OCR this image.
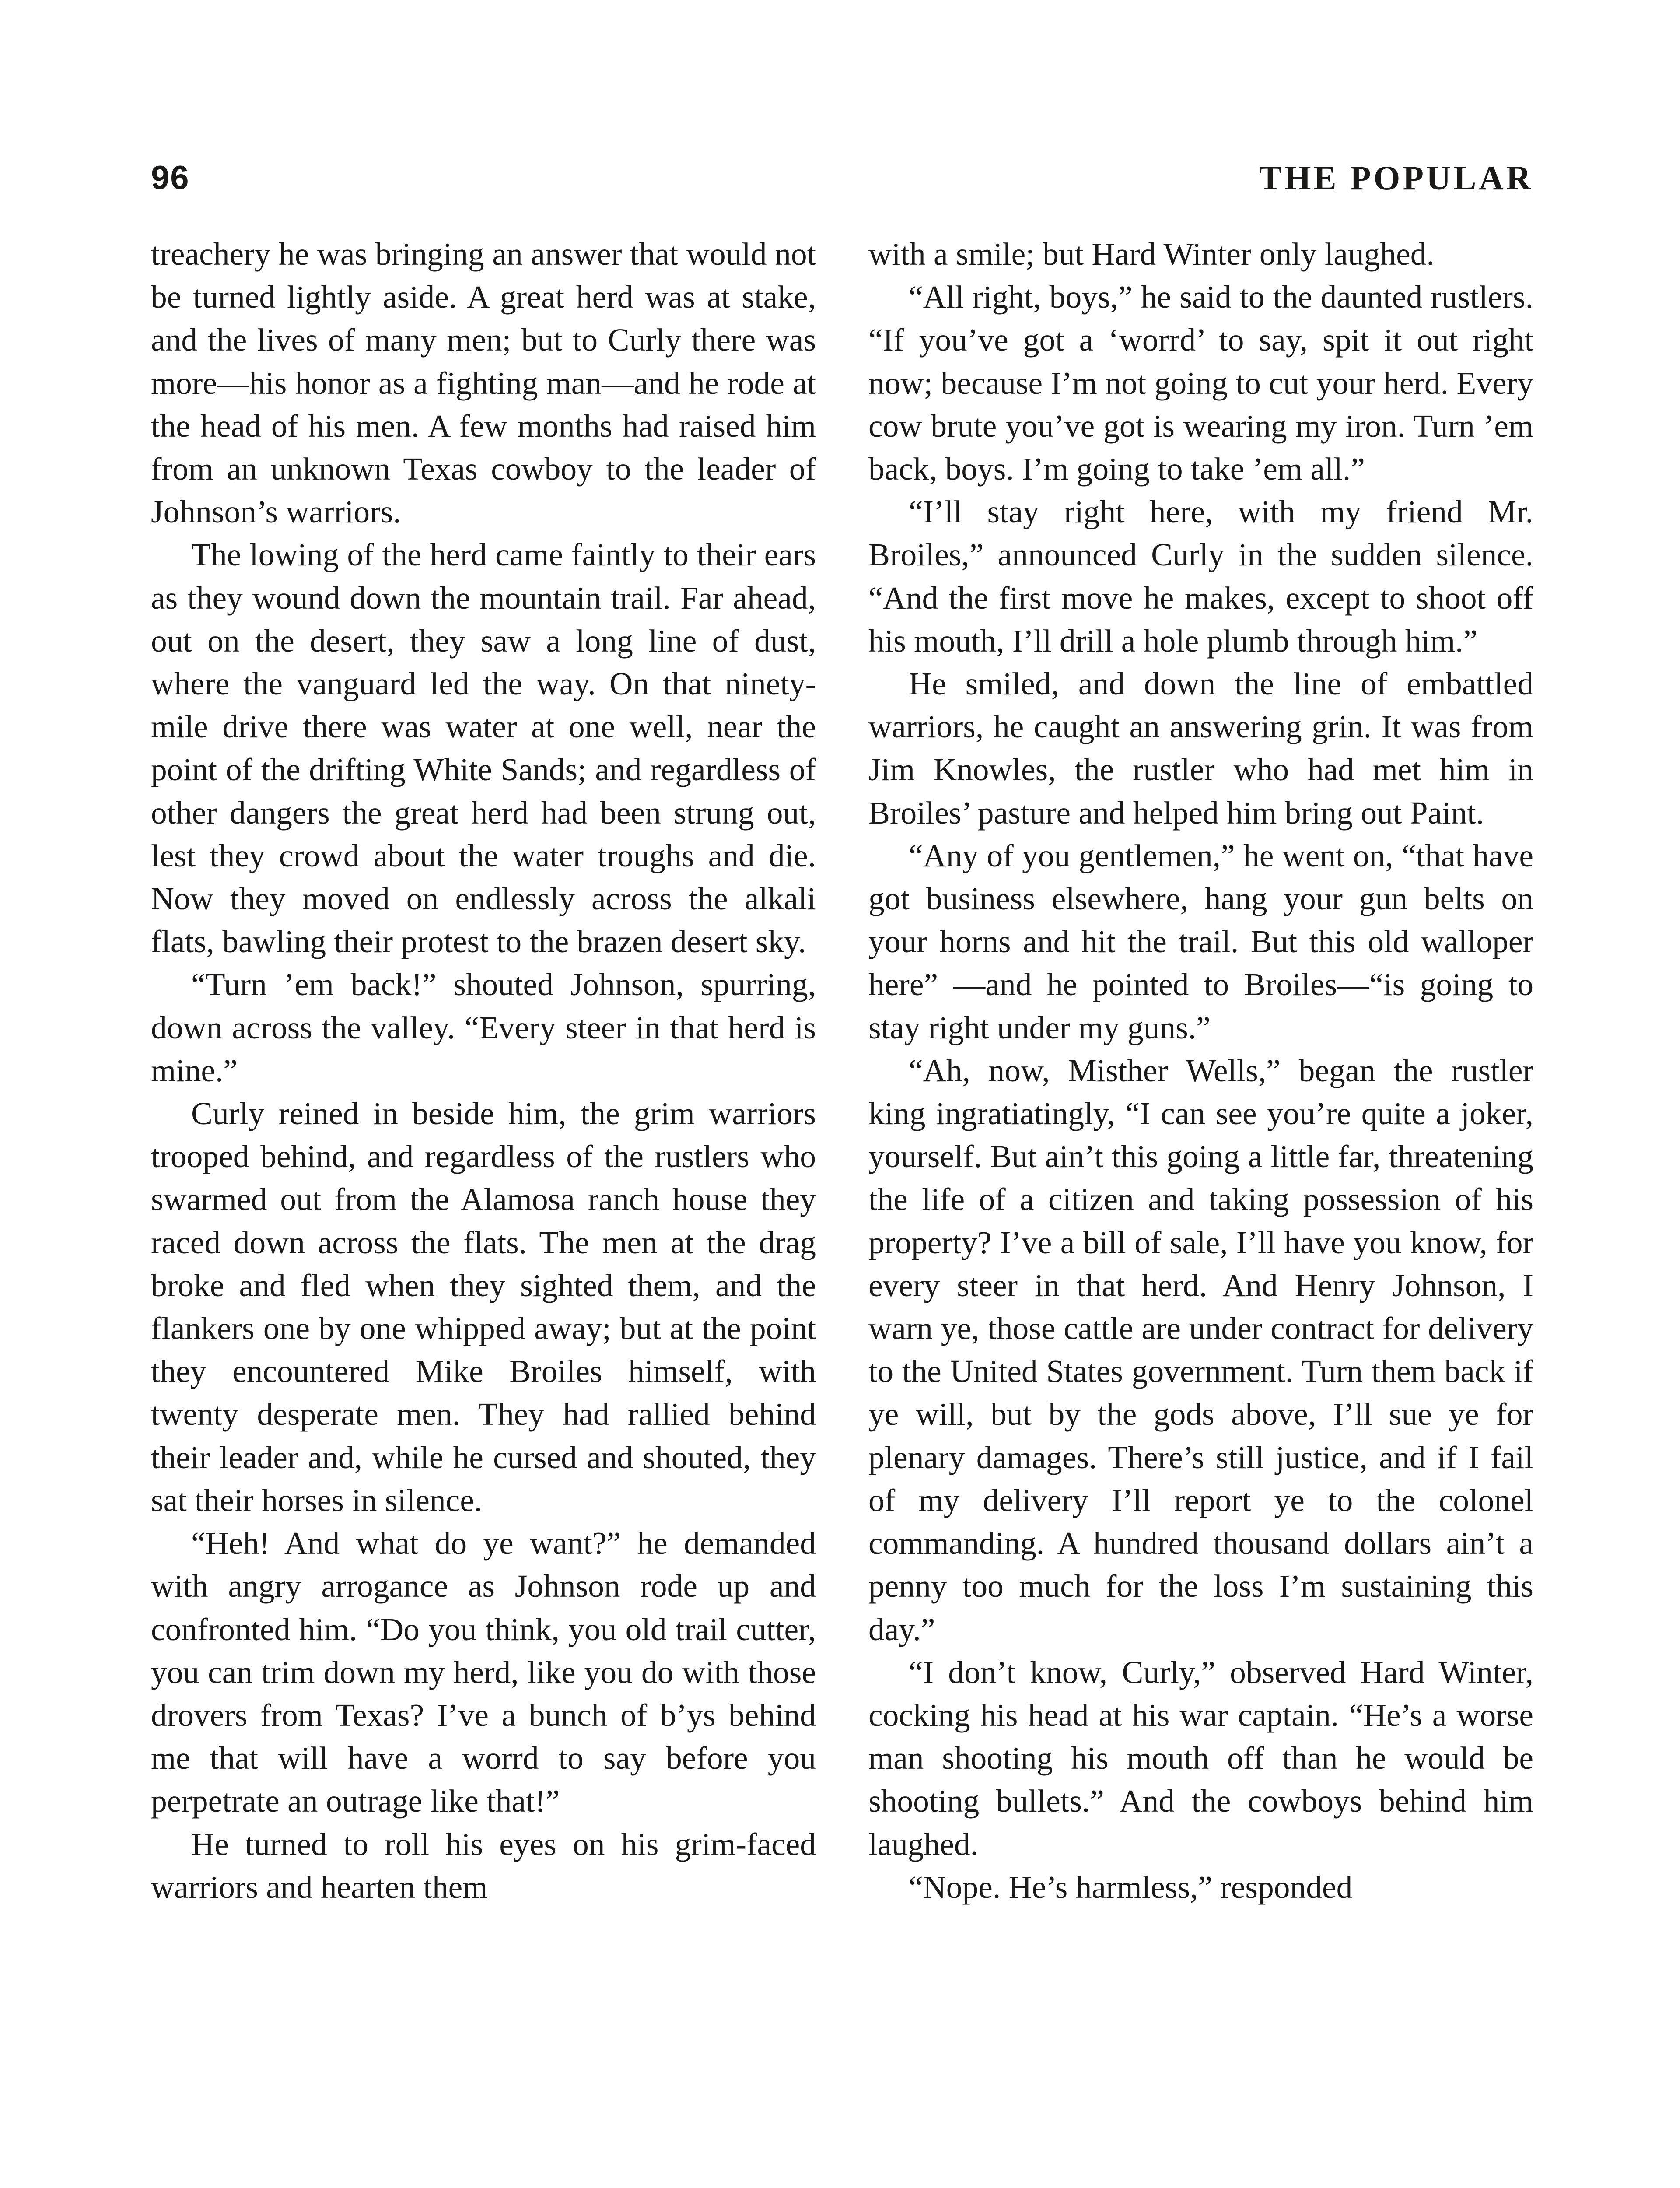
96	THE POPULAR

treachery he was bringing an answer that would not be turned lightly aside. A great herd was at stake, and the lives of many men; but to Curly there was more—his honor as a fighting man—and he rode at the head of his men. A few months had raised him from an unknown Texas cowboy to the leader of Johnson’s warriors.

The lowing of the herd came faintly to their ears as they wound down the mountain trail. Far ahead, out on the desert, they saw a long line of dust, where the vanguard led the way. On that ninety-mile drive there was water at one well, near the point of the drifting White Sands; and regardless of other dangers the great herd had been strung out, lest they crowd about the water troughs and die. Now they moved on endlessly across the alkali flats, bawling their protest to the brazen desert sky.

“Turn ’em back!” shouted Johnson, spurring, down across the valley. “Every steer in that herd is mine.”

Curly reined in beside him, the grim warriors trooped behind, and regardless of the rustlers who swarmed out from the Alamosa ranch house they raced down across the flats. The men at the drag broke and fled when they sighted them, and the flankers one by one whipped away; but at the point they encountered Mike Broiles himself, with twenty desperate men. They had rallied behind their leader and, while he cursed and shouted, they sat their horses in silence.

“Heh! And what do ye want?” he demanded with angry arrogance as Johnson rode up and confronted him. “Do you think, you old trail cutter, you can trim down my herd, like you do with those drovers from Texas? I’ve a bunch of b’ys behind me that will have a worrd to say before you perpetrate an outrage like that!”

He turned to roll his eyes on his grim-faced warriors and hearten them

with a smile; but Hard Winter only laughed.

“All right, boys,” he said to the daunted rustlers. “If you’ve got a ‘worrd’ to say, spit it out right now; because I’m not going to cut your herd. Every cow brute you’ve got is wearing my iron. Turn ’em back, boys. I’m going to take ’em all.”

“I’ll stay right here, with my friend Mr. Broiles,” announced Curly in the sudden silence. “And the first move he makes, except to shoot off his mouth, I’ll drill a hole plumb through him.”

He smiled, and down the line of embattled warriors, he caught an answering grin. It was from Jim Knowles, the rustler who had met him in Broiles’ pasture and helped him bring out Paint.

“Any of you gentlemen,” he went on, “that have got business elsewhere, hang your gun belts on your horns and hit the trail. But this old walloper here” —and he pointed to Broiles—“is going to stay right under my guns.”

“Ah, now, Misther Wells,” began the rustler king ingratiatingly, “I can see you’re quite a joker, yourself. But ain’t this going a little far, threatening the life of a citizen and taking possession of his property? I’ve a bill of sale, I’ll have you know, for every steer in that herd. And Henry Johnson, I warn ye, those cattle are under contract for delivery to the United States government. Turn them back if ye will, but by the gods above, I’ll sue ye for plenary damages. There’s still justice, and if I fail of my delivery I’ll report ye to the colonel commanding. A hundred thousand dollars ain’t a penny too much for the loss I’m sustaining this day.”

“I don’t know, Curly,” observed Hard Winter, cocking his head at his war captain. “He’s a worse man shooting his mouth off than he would be shooting bullets.” And the cowboys behind him laughed.

“Nope. He’s harmless,” responded
